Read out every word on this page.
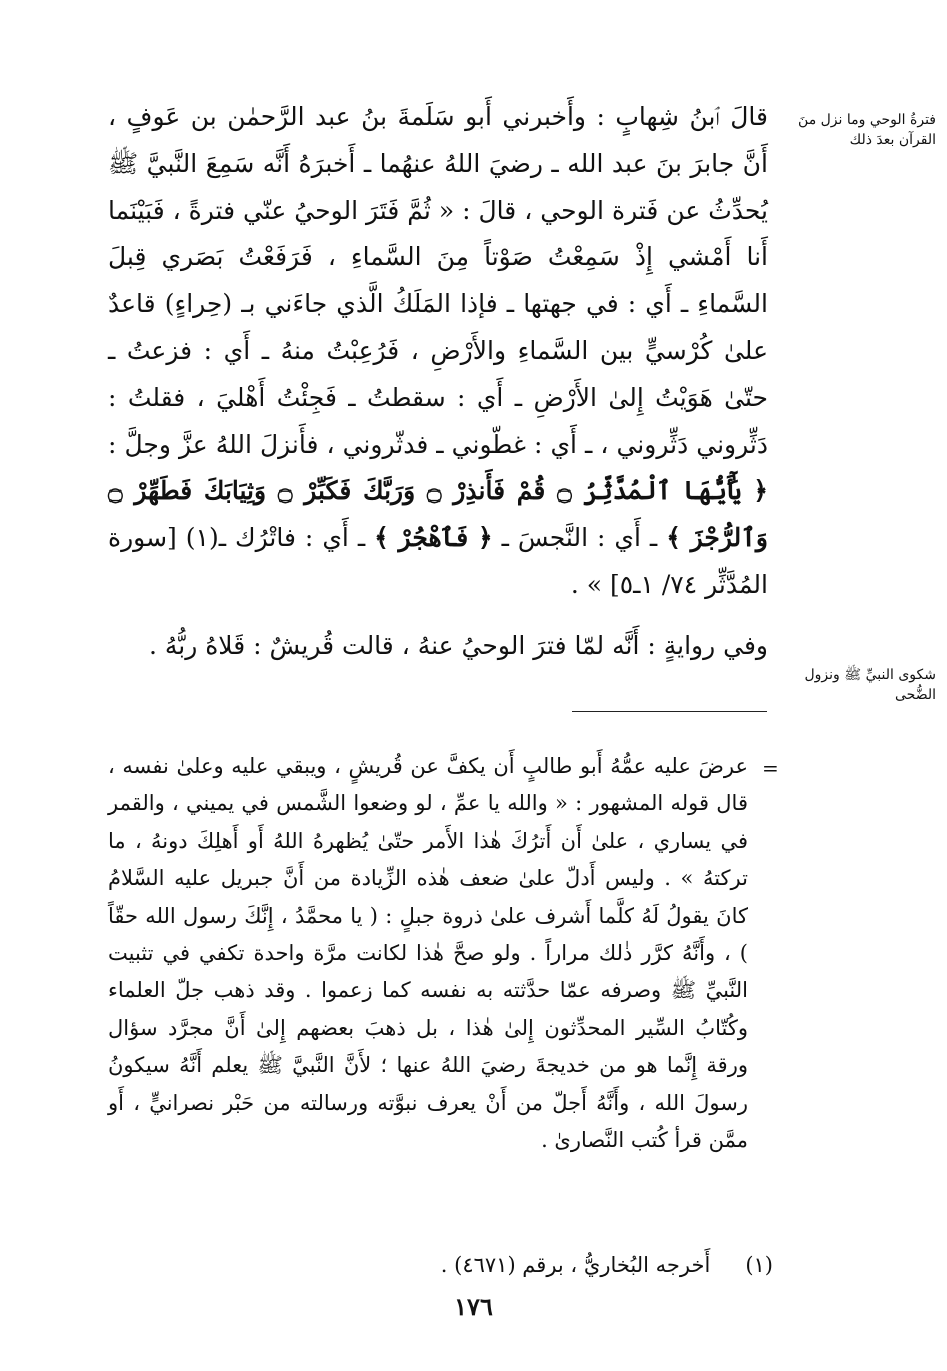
فترةُ الوحي وما نزل منَ القرآن بعدَ ذلك

قالَ ٱبنُ شِهابٍ : وأَخبرني أَبو سَلَمةَ بنُ عبد الرَّحمٰن بن عَوفٍ ، أَنَّ جابرَ بنَ عبد الله ـ رضيَ اللهُ عنهُما ـ أَخبرَهُ أَنَّه سَمِعَ النَّبيَّ ﷺ يُحدِّثُ عن فَترة الوحي ، قالَ : « ثُمَّ فَتَرَ الوحيُ عنّي فترةً ، فَبَيْنَما أَنا أَمْشي إِذْ سَمِعْتُ صَوْتاً مِنَ السَّماءِ ، فَرَفَعْتُ بَصَري قِبلَ السَّماءِ ـ أَي : في جهتها ـ فإذا المَلَكُ الَّذي جاءَني بـ (حِراءٍ) قاعدٌ علىٰ كُرْسيٍّ بين السَّماءِ والأَرْضِ ، فَرُعِبْتُ منهُ ـ أَي : فزعتُ ـ حتّىٰ هَوَيْتُ إِلىٰ الأَرْضِ ـ أَي : سقطتُ ـ فَجِئْتُ أَهْليَ ، فقلتُ : دَثِّروني دَثِّروني ، ـ أَي : غطّوني ـ فدثّروني ، فأَنزلَ اللهُ عزَّ وجلَّ : ﴿ يَٰٓأَيُّهَا ٱلْمُدَّثِّرُ ۝ قُمْ فَأَنذِرْ ۝ وَرَبَّكَ فَكَبِّرْ ۝ وَثِيَابَكَ فَطَهِّرْ ۝ وَٱلرُّجْزَ ﴾ ـ أَي : النَّجسَ ـ ﴿ فَٱهْجُرْ ﴾ ـ أَي : فاتْرُك ـ(١) [سورة المُدَّثِّر ٧٤/ ١ـ٥] » .

وفي روايةٍ : أَنَّه لمّا فترَ الوحيُ عنهُ ، قالت قُريشٌ : قَلاهُ ربُّهُ .

شكوى النبيِّ ﷺ ونزول الضُّحى
=

عرضَ عليه عمُّهُ أَبو طالبٍ أَن يكفَّ عن قُريشٍ ، ويبقي عليه وعلىٰ نفسه ، قال قوله المشهور : « والله يا عمِّ ، لو وضعوا الشَّمس في يميني ، والقمر في يساري ، علىٰ أَن أَترُكَ هٰذا الأَمر حتّىٰ يُظهرهُ اللهُ أَو أَهلِكَ دونهُ ، ما تركتهُ » . وليس أَدلّ علىٰ ضعف هٰذه الزِّيادة من أَنَّ جبريل عليه السَّلامُ كانَ يقولُ لَهُ كلَّما أَشرف علىٰ ذروة جبلٍ : ( يا محمَّدُ ، إِنَّكَ رسول الله حقّاً ) ، وأَنَّهُ كرَّر ذٰلك مراراً . ولو صحَّ هٰذا لكانت مرَّة واحدة تكفي في تثبيت النَّبيِّ ﷺ وصرفه عمّا حدَّثته به نفسه كما زعموا . وقد ذهب جلّ العلماء وكُتّابُ السِّير المحدِّثون إِلىٰ هٰذا ، بل ذهبَ بعضهم إِلىٰ أَنَّ مجرَّد سؤال ورقة إِنَّما هو من خديجةَ رضيَ اللهُ عنها ؛ لأَنَّ النَّبيَّ ﷺ يعلم أَنَّهُ سيكونُ رسولَ الله ، وأَنَّهُ أَجلّ من أَنْ يعرف نبوَّته ورسالته من حَبْر نصرانيٍّ ، أَو ممَّن قرأ كُتب النَّصارىٰ .

(١) أَخرجه البُخاريُّ ، برقم (٤٦٧١) .
١٧٦
